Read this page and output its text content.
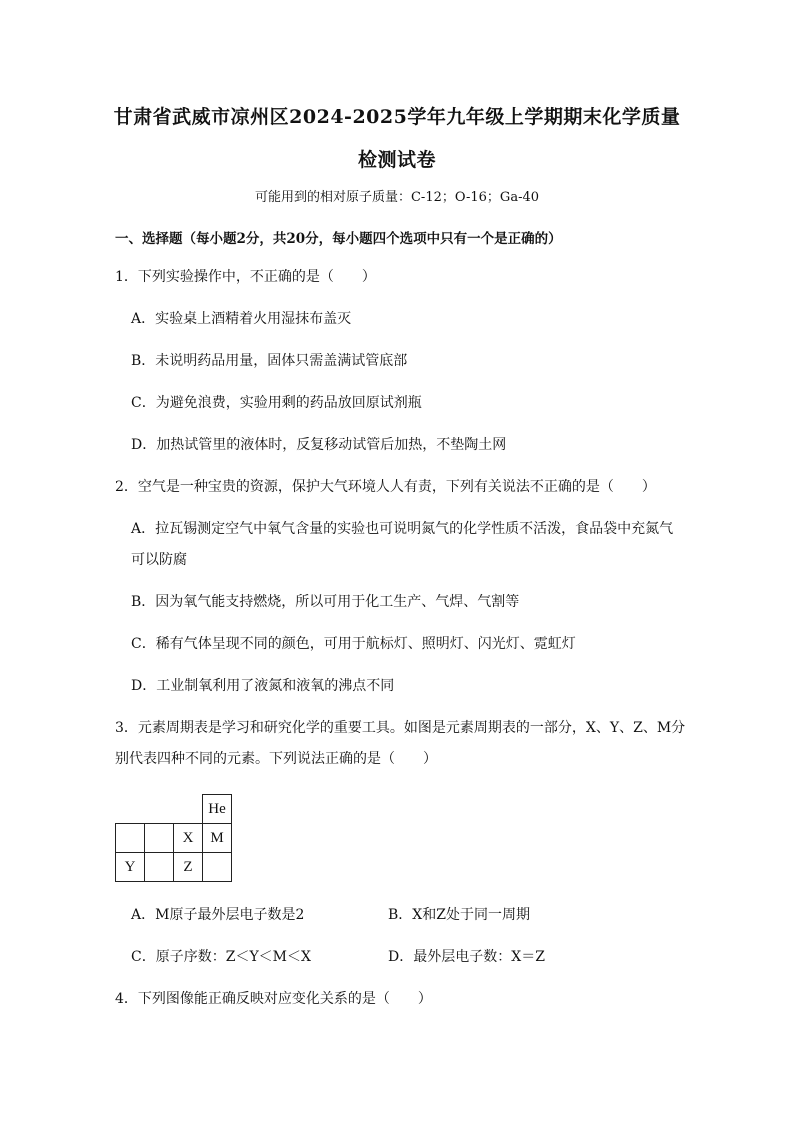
甘肃省武威市凉州区2024-2025学年九年级上学期期末化学质量
检测试卷
可能用到的相对原子质量：C-12；O-16；Ga-40
一、选择题（每小题2分，共20分，每小题四个选项中只有一个是正确的）
1．下列实验操作中，不正确的是（　　）
A．实验桌上酒精着火用湿抹布盖灭
B．未说明药品用量，固体只需盖满试管底部
C．为避免浪费，实验用剩的药品放回原试剂瓶
D．加热试管里的液体时，反复移动试管后加热，不垫陶土网
2．空气是一种宝贵的资源，保护大气环境人人有责，下列有关说法不正确的是（　　）
A．拉瓦锡测定空气中氧气含量的实验也可说明氮气的化学性质不活泼，食品袋中充氮气
可以防腐
B．因为氧气能支持燃烧，所以可用于化工生产、气焊、气割等
C．稀有气体呈现不同的颜色，可用于航标灯、照明灯、闪光灯、霓虹灯
D．工业制氧利用了液氮和液氧的沸点不同
3．元素周期表是学习和研究化学的重要工具。如图是元素周期表的一部分，X、Y、Z、M分
别代表四种不同的元素。下列说法正确的是（　　）
			He
		X	M
Y		Z	
A．M原子最外层电子数是2	B．X和Z处于同一周期
C．原子序数：Z＜Y＜M＜X	D．最外层电子数：X＝Z
4．下列图像能正确反映对应变化关系的是（　　）
